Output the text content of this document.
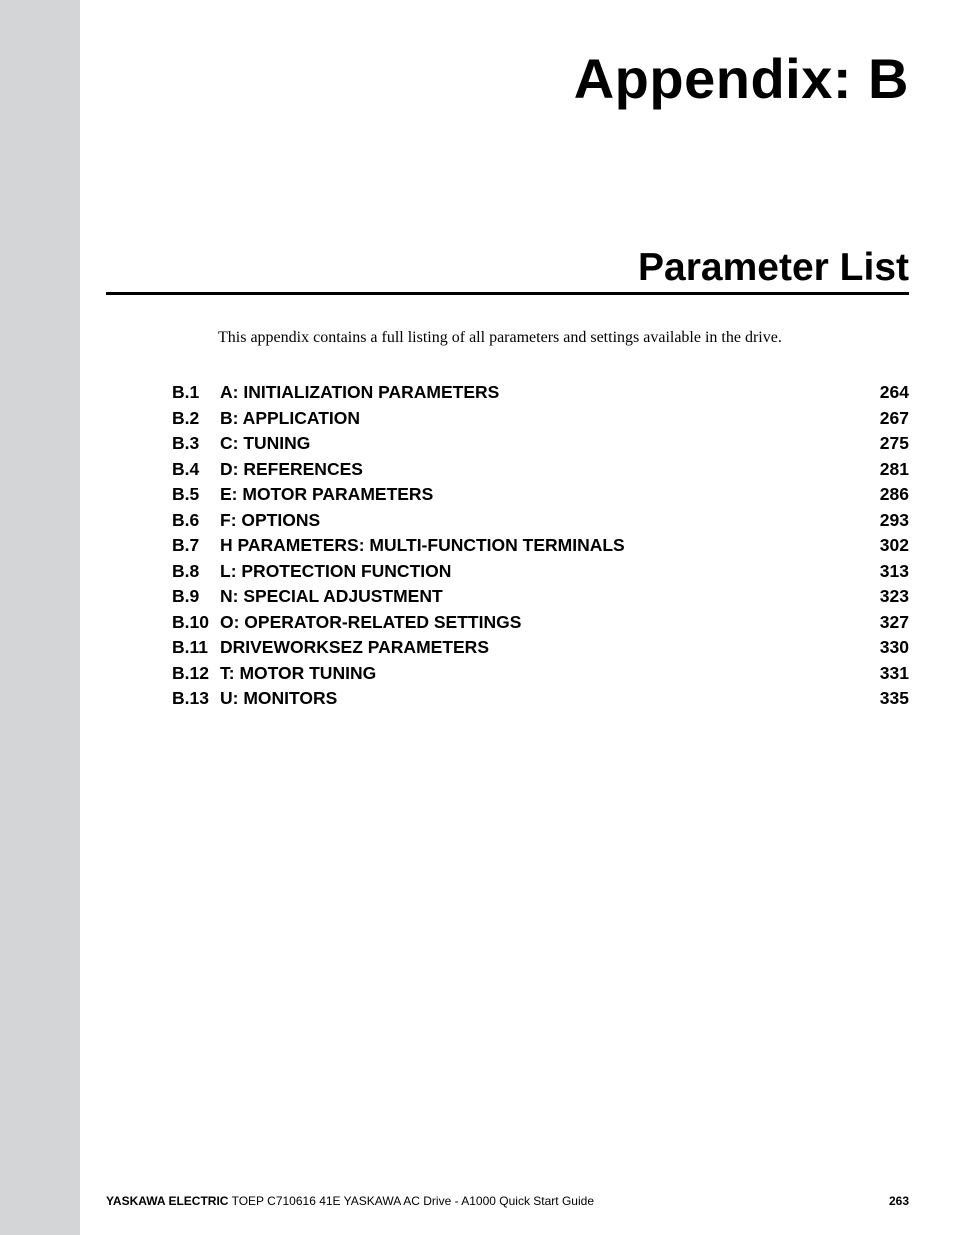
Appendix: B
Parameter List
This appendix contains a full listing of all parameters and settings available in the drive.
B.1	A: INITIALIZATION PARAMETERS	264
B.2	B: APPLICATION	267
B.3	C: TUNING	275
B.4	D: REFERENCES	281
B.5	E: MOTOR PARAMETERS	286
B.6	F: OPTIONS	293
B.7	H PARAMETERS: MULTI-FUNCTION TERMINALS	302
B.8	L: PROTECTION FUNCTION	313
B.9	N: SPECIAL ADJUSTMENT	323
B.10 O: OPERATOR-RELATED SETTINGS	327
B.11 DRIVEWORKSEZ PARAMETERS	330
B.12 T: MOTOR TUNING	331
B.13 U: MONITORS	335
YASKAWA ELECTRIC TOEP C710616 41E YASKAWA AC Drive - A1000 Quick Start Guide	263
